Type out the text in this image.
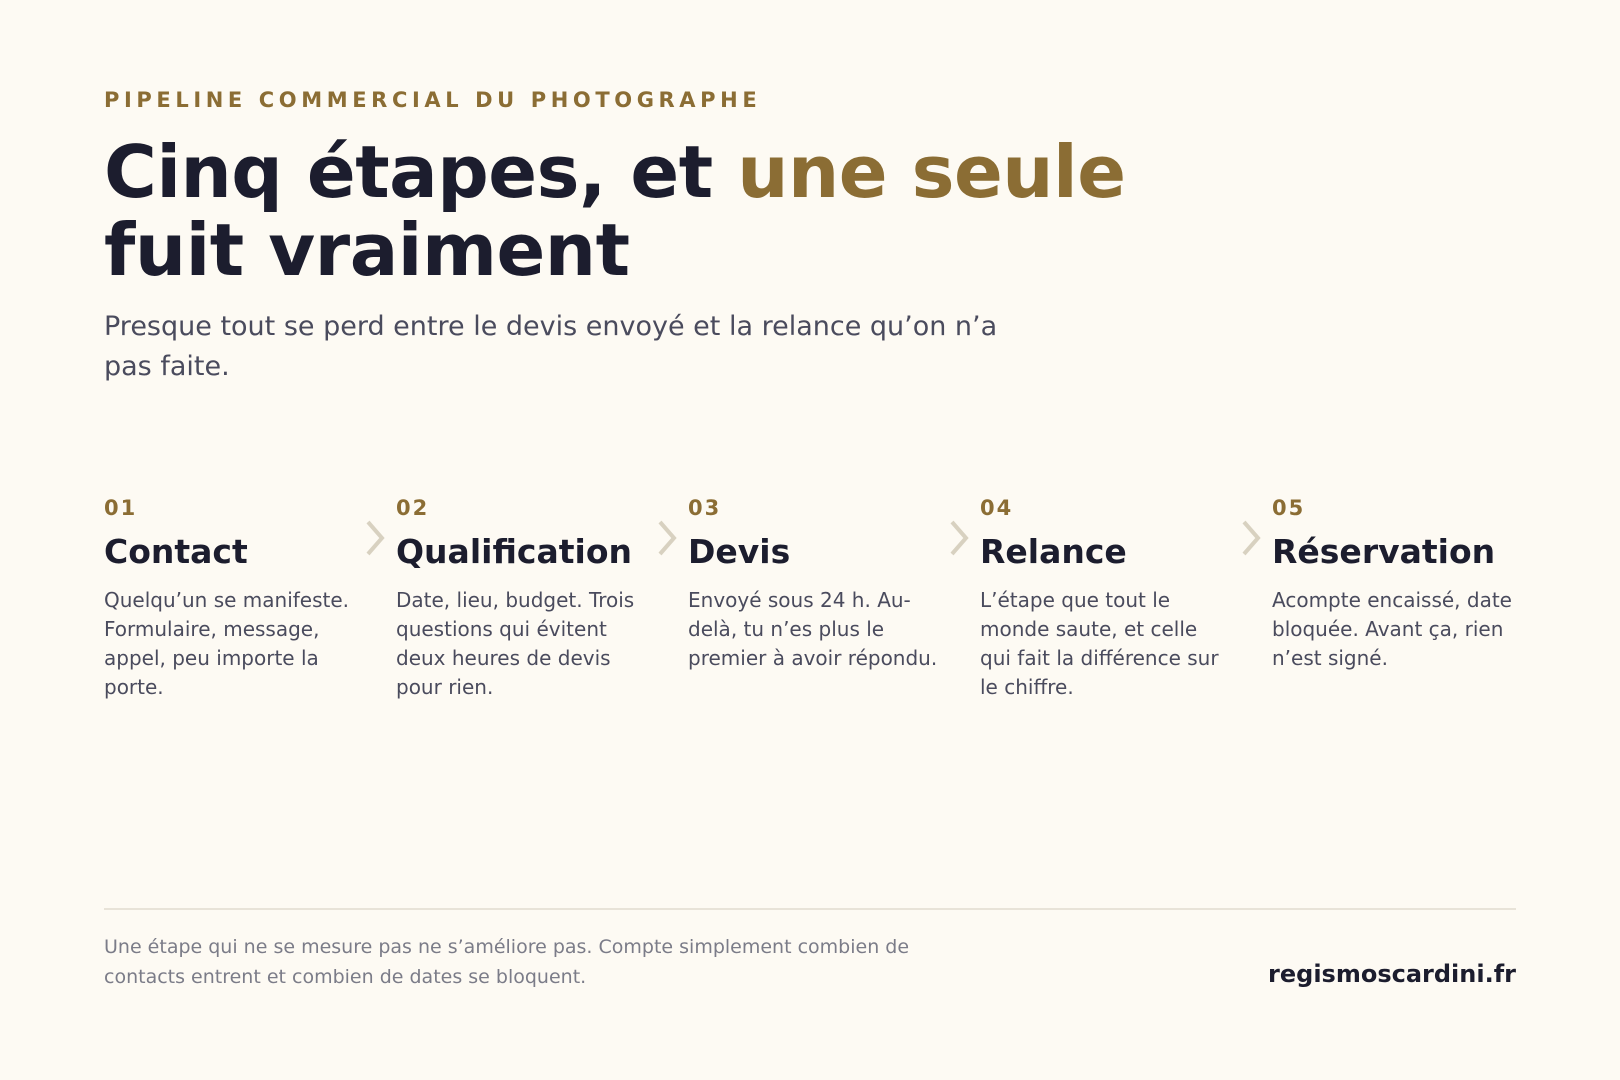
PIPELINE COMMERCIAL DU PHOTOGRAPHE
Cinq étapes, et une seule
fuit vraiment

Presque tout se perd entre le devis envoyé et la relance qu’on n’a pas faite.

01
Contact
Quelqu’un se manifeste. Formulaire, message, appel, peu importe la porte.
02
Qualification
Date, lieu, budget. Trois questions qui évitent deux heures de devis pour rien.
03
Devis
Envoyé sous 24 h. Au-delà, tu n’es plus le premier à avoir répondu.
04
Relance
L’étape que tout le monde saute, et celle qui fait la différence sur le chiffre.
05
Réservation
Acompte encaissé, date bloquée. Avant ça, rien n’est signé.

Une étape qui ne se mesure pas ne s’améliore pas. Compte simplement combien de contacts entrent et combien de dates se bloquent.	regismoscardini.fr
